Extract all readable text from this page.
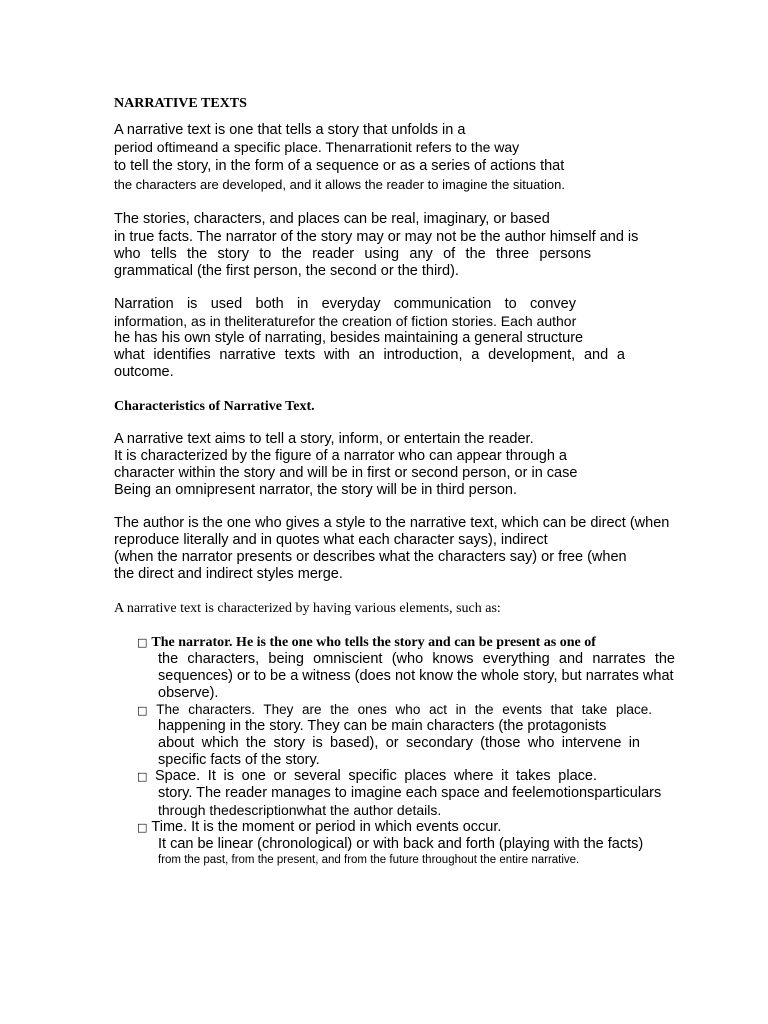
NARRATIVE TEXTS
A narrative text is one that tells a story that unfolds in a
period oftimeand a specific place. Thenarrationit refers to the way
to tell the story, in the form of a sequence or as a series of actions that
the characters are developed, and it allows the reader to imagine the situation.
The stories, characters, and places can be real, imaginary, or based
in true facts. The narrator of the story may or may not be the author himself and is
who tells the story to the reader using any of the three persons
grammatical (the first person, the second or the third).
Narration is used both in everyday communication to convey
information, as in theliteraturefor the creation of fiction stories. Each author
he has his own style of narrating, besides maintaining a general structure
what identifies narrative texts with an introduction, a development, and a
outcome.
Characteristics of Narrative Text.
A narrative text aims to tell a story, inform, or entertain the reader.
It is characterized by the figure of a narrator who can appear through a
character within the story and will be in first or second person, or in case
Being an omnipresent narrator, the story will be in third person.
The author is the one who gives a style to the narrative text, which can be direct (when
reproduce literally and in quotes what each character says), indirect
(when the narrator presents or describes what the characters say) or free (when
the direct and indirect styles merge.
A narrative text is characterized by having various elements, such as:
□ The narrator. He is the one who tells the story and can be present as one of
the characters, being omniscient (who knows everything and narrates the
sequences) or to be a witness (does not know the whole story, but narrates what
observe).
□ The characters. They are the ones who act in the events that take place.
happening in the story. They can be main characters (the protagonists
about which the story is based), or secondary (those who intervene in
specific facts of the story.
□ Space. It is one or several specific places where it takes place.
story. The reader manages to imagine each space and feelemotionsparticulars
through thedescriptionwhat the author details.
□ Time. It is the moment or period in which events occur.
It can be linear (chronological) or with back and forth (playing with the facts)
from the past, from the present, and from the future throughout the entire narrative.
